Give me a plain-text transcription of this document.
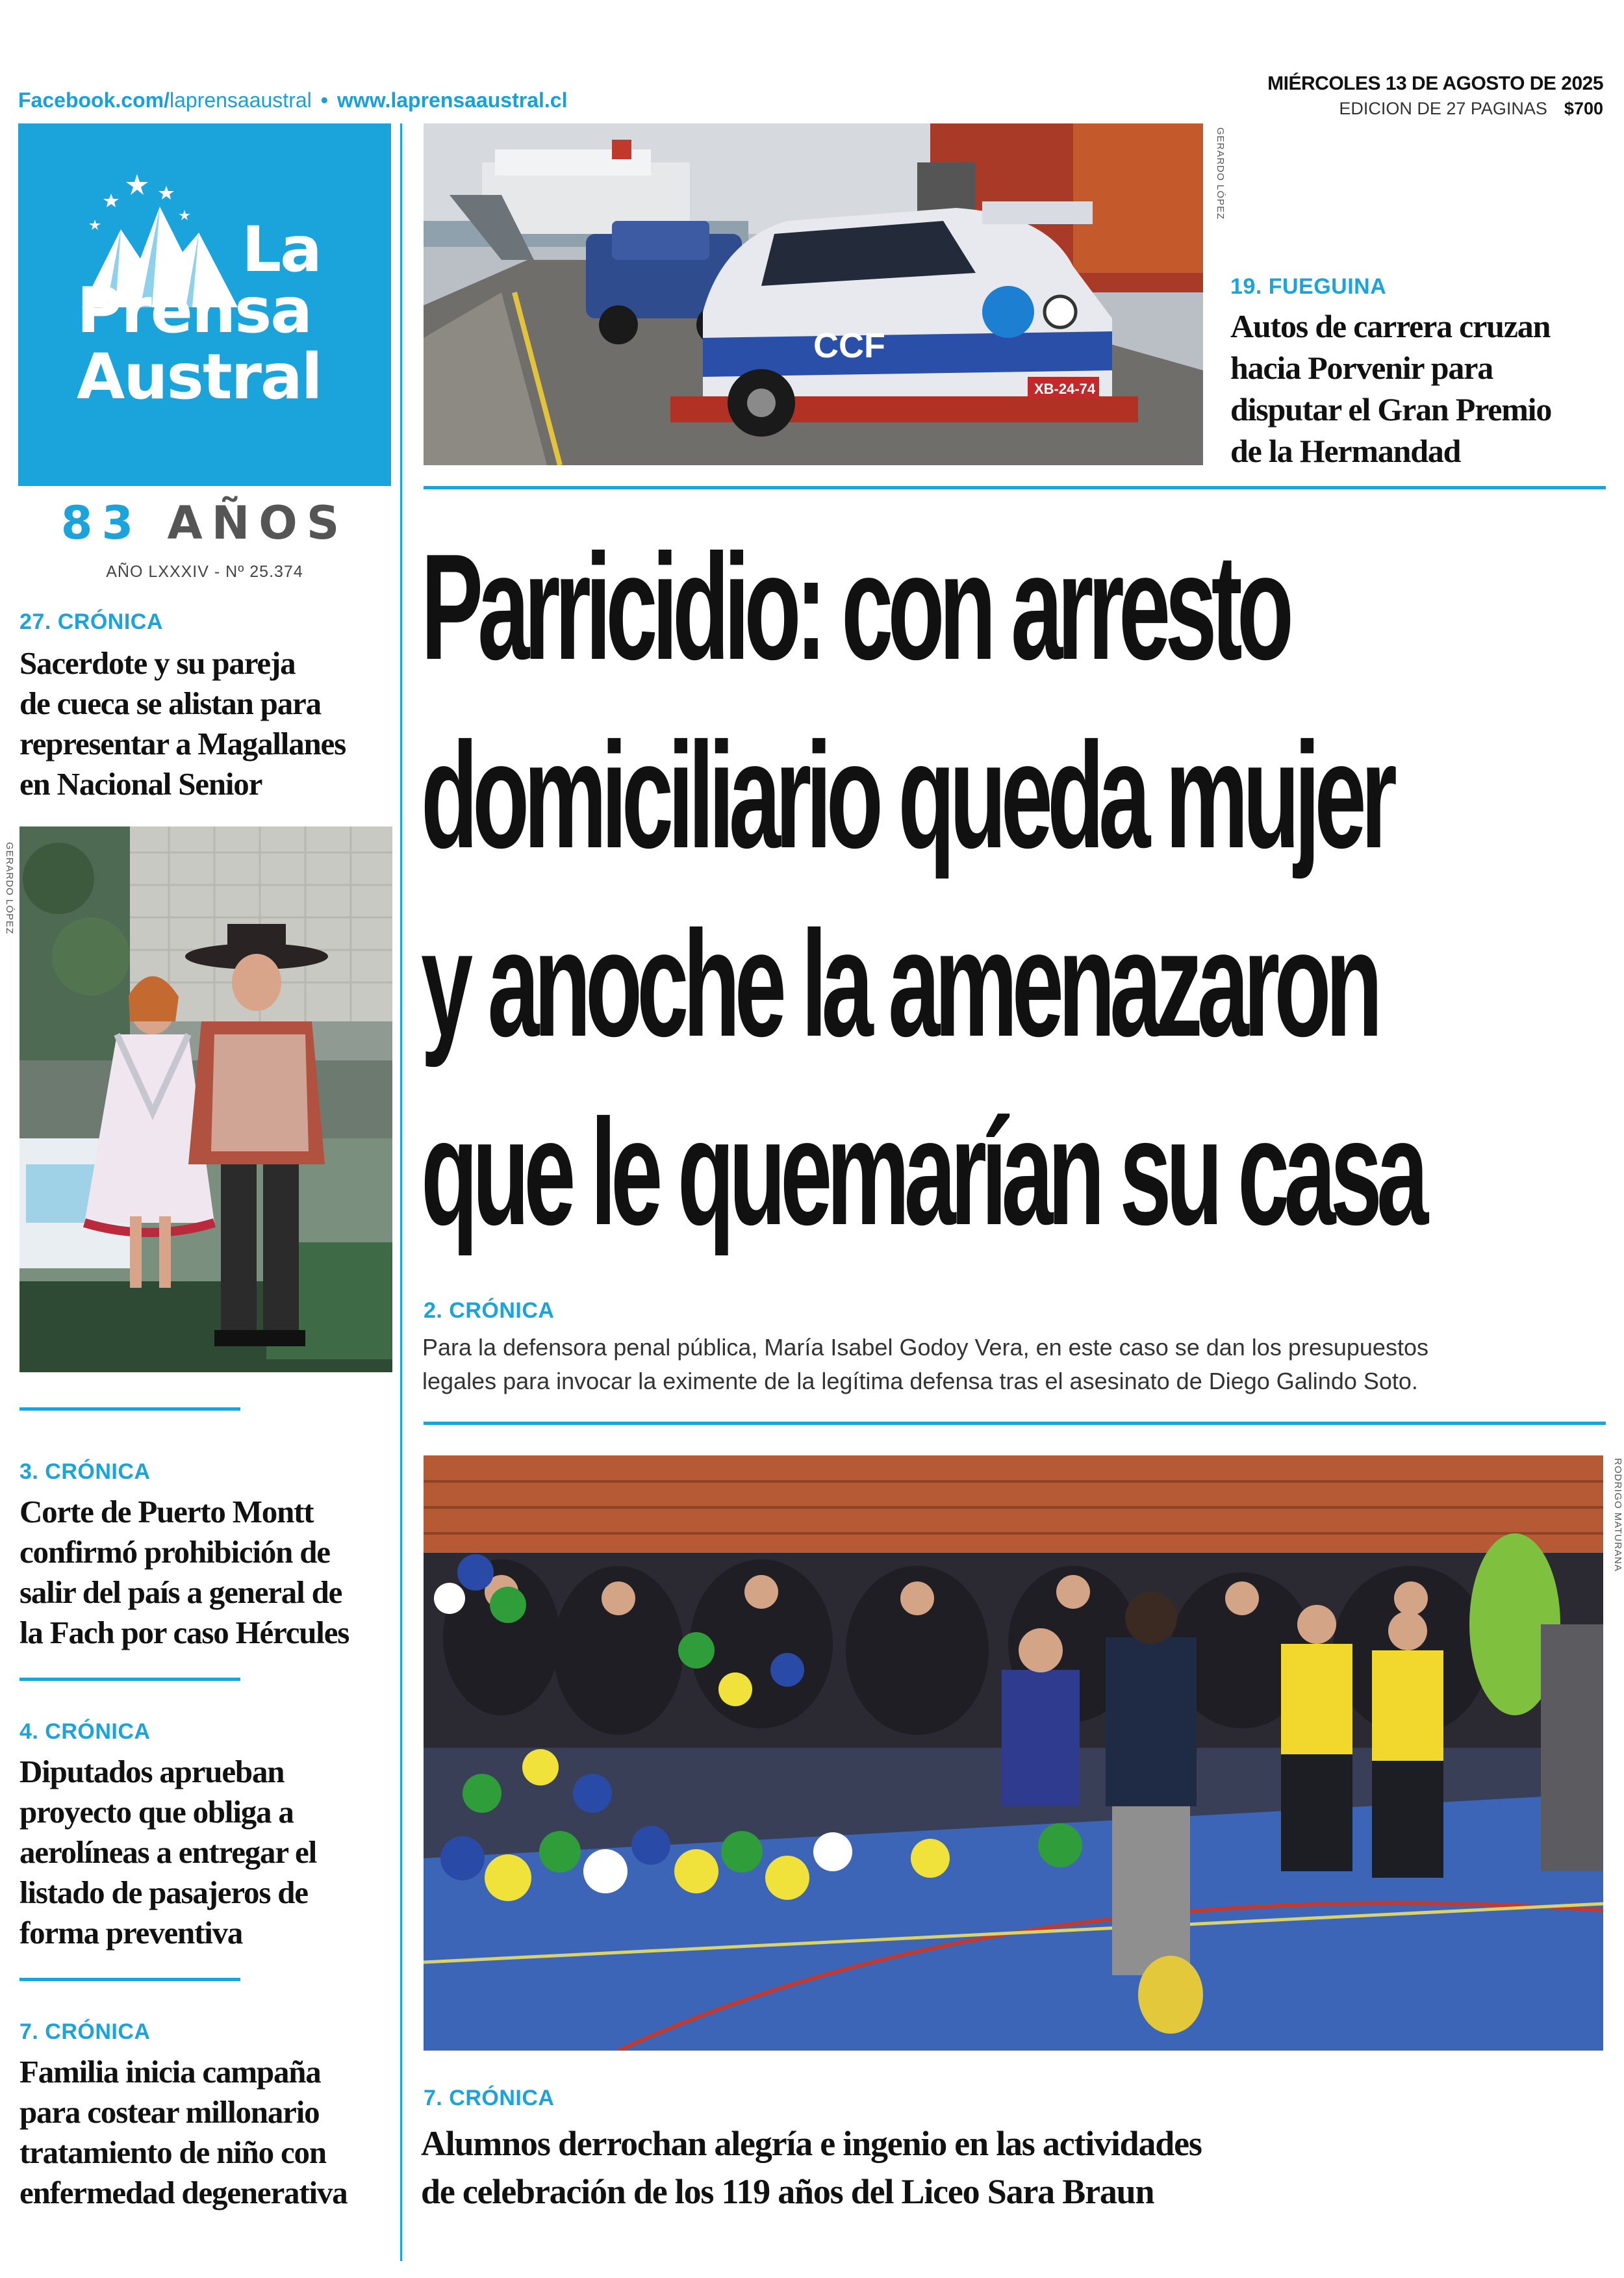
Facebook.com/laprensaaustral • www.laprensaaustral.cl
MIÉRCOLES 13 DE AGOSTO DE 2025
EDICION DE 27 PAGINAS $700
La
Prensa
Austral
83 AÑOS
AÑO LXXXIV - Nº 25.374
27. CRÓNICA
Sacerdote y su pareja
de cueca se alistan para
representar a Magallanes
en Nacional Senior
GERARDO LÓPEZ
3. CRÓNICA
Corte de Puerto Montt
confirmó prohibición de
salir del país a general de
la Fach por caso Hércules
4. CRÓNICA
Diputados aprueban
proyecto que obliga a
aerolíneas a entregar el
listado de pasajeros de
forma preventiva
7. CRÓNICA
Familia inicia campaña
para costear millonario
tratamiento de niño con
enfermedad degenerativa
CCF
XB-24-74
GERARDO LÓPEZ
19. FUEGUINA
Autos de carrera cruzan
hacia Porvenir para
disputar el Gran Premio
de la Hermandad
Parricidio: con arresto
domiciliario queda mujer
y anoche la amenazaron
que le quemarían su casa
2. CRÓNICA
Para la defensora penal pública, María Isabel Godoy Vera, en este caso se dan los presupuestos
legales para invocar la eximente de la legítima defensa tras el asesinato de Diego Galindo Soto.
RODRIGO MATURANA
7. CRÓNICA
Alumnos derrochan alegría e ingenio en las actividades
de celebración de los 119 años del Liceo Sara Braun
